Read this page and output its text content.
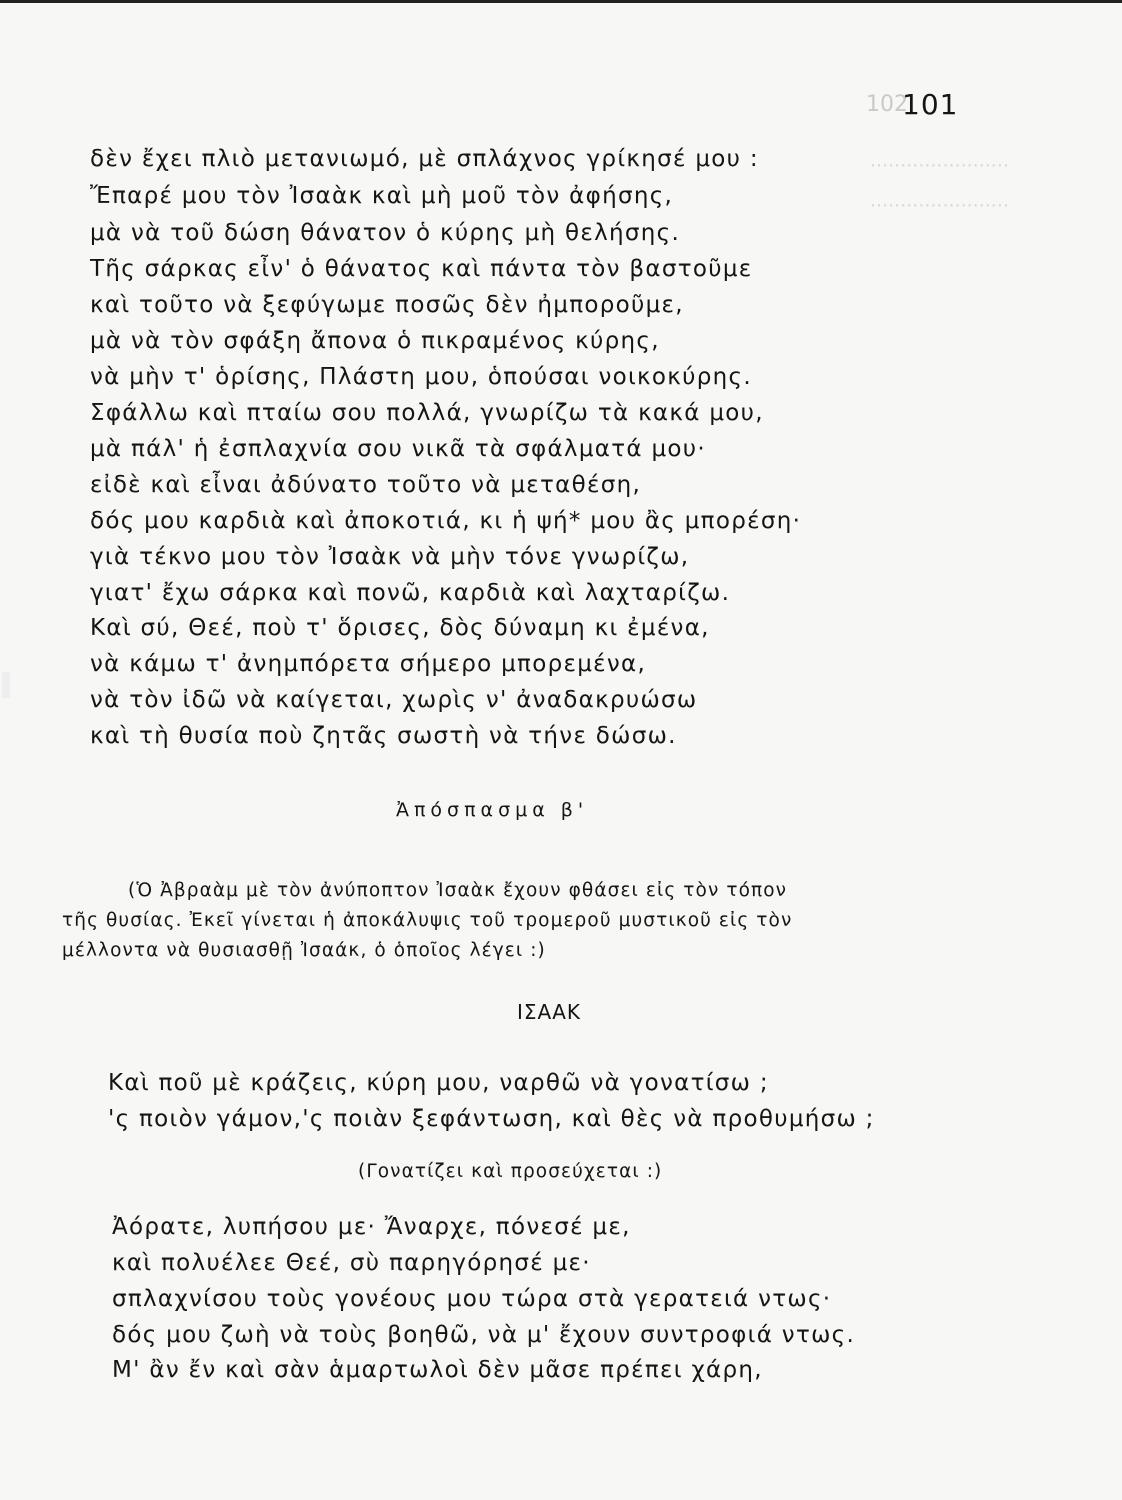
·······················
·······················
102
101
δὲν ἔχει πλιὸ μετανιωμό, μὲ σπλάχνος γρίκησέ μου :
Ἔπαρέ μου τὸν Ἰσαὰκ καὶ μὴ μοῦ τὸν ἀφήσης,
μὰ νὰ τοῦ δώση θάνατον ὁ κύρης μὴ θελήσης.
Τῆς σάρκας εἶν' ὁ θάνατος καὶ πάντα τὸν βαστοῦμε
καὶ τοῦτο νὰ ξεφύγωμε ποσῶς δὲν ἠμποροῦμε,
μὰ νὰ τὸν σφάξη ἄπονα ὁ πικραμένος κύρης,
νὰ μὴν τ' ὁρίσης, Πλάστη μου, ὁπούσαι νοικοκύρης.
Σφάλλω καὶ πταίω σου πολλά, γνωρίζω τὰ κακά μου,
μὰ πάλ' ἡ ἐσπλαχνία σου νικᾶ τὰ σφάλματά μου·
εἰδὲ καὶ εἶναι ἀδύνατο τοῦτο νὰ μεταθέση,
δός μου καρδιὰ καὶ ἀποκοτιά, κι ἡ ψή* μου ἂς μπορέση·
γιὰ τέκνο μου τὸν Ἰσαὰκ νὰ μὴν τόνε γνωρίζω,
γιατ' ἔχω σάρκα καὶ πονῶ, καρδιὰ καὶ λαχταρίζω.
Καὶ σύ, Θεέ, ποὺ τ' ὅρισες, δὸς δύναμη κι ἐμένα,
νὰ κάμω τ' ἀνημπόρετα σήμερο μπορεμένα,
νὰ τὸν ἰδῶ νὰ καίγεται, χωρὶς ν' ἀναδακρυώσω
καὶ τὴ θυσία ποὺ ζητᾶς σωστὴ νὰ τήνε δώσω.
Ἀπόσπασμα β'
(Ὁ Ἀβραὰμ μὲ τὸν ἀνύποπτον Ἰσαὰκ ἔχουν φθάσει εἰς τὸν τόπον
τῆς θυσίας. Ἐκεῖ γίνεται ἡ ἀποκάλυψις τοῦ τρομεροῦ μυστικοῦ εἰς τὸν
μέλλοντα νὰ θυσιασθῇ Ἰσαάκ, ὁ ὁποῖος λέγει :)
ΙΣΑΑΚ
Καὶ ποῦ μὲ κράζεις, κύρη μου, ναρθῶ νὰ γονατίσω ;
'ς ποιὸν γάμον,'ς ποιὰν ξεφάντωση, καὶ θὲς νὰ προθυμήσω ;
(Γονατίζει καὶ προσεύχεται :)
Ἀόρατε, λυπήσου με· Ἄναρχε, πόνεσέ με,
καὶ πολυέλεε Θεέ, σὺ παρηγόρησέ με·
σπλαχνίσου τοὺς γονέους μου τώρα στὰ γερατειά ντως·
δός μου ζωὴ νὰ τοὺς βοηθῶ, νὰ μ' ἔχουν συντροφιά ντως.
Μ' ἂν ἔν καὶ σὰν ἁμαρτωλοὶ δὲν μᾶσε πρέπει χάρη,
